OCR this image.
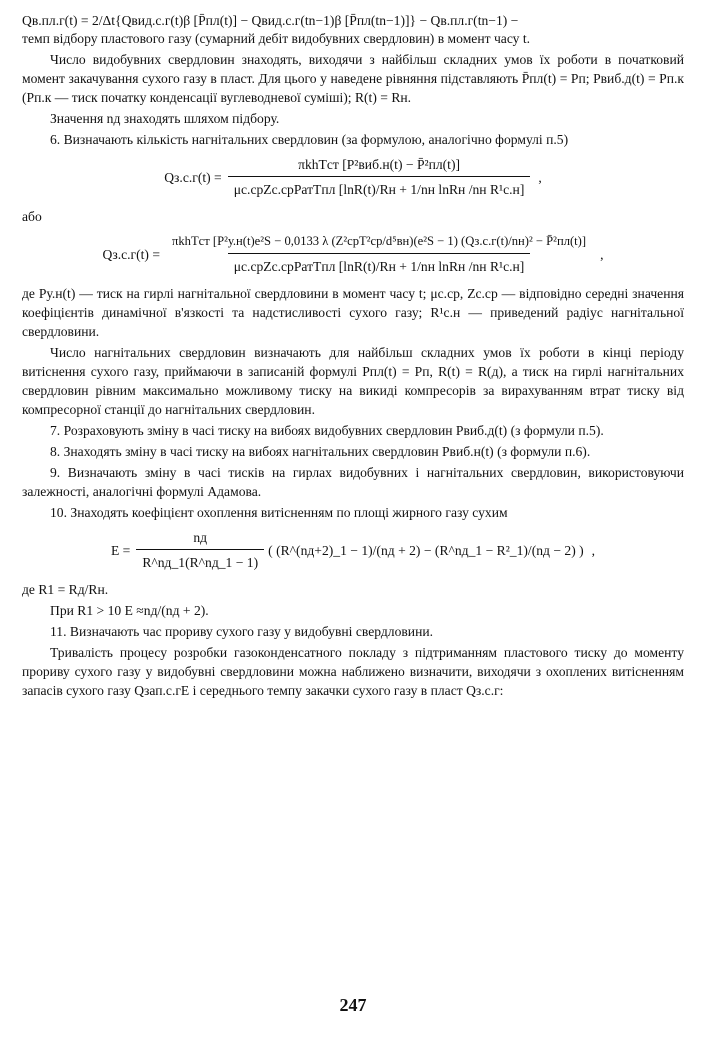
Qв.пл.г(t) = 2/Δt{Qвид.с.г(t)β [P̄пл(t)] − Qвид.с.г(tn−1)β [P̄пл(tn−1)]} − Qв.пл.г(tn−1) −

темп відбору пластового газу (сумарний дебіт видобувних свердловин) в момент часу t.

Число видобувних свердловин знаходять, виходячи з найбільш складних умов їх роботи в початковий момент закачування сухого газу в пласт. Для цього у наведене рівняння підставляють P̄пл(t) = Pп; Pвиб.д(t) = Pп.к (Pп.к — тиск початку конденсації вуглеводневої суміші); R(t) = Rн.

Значення nд знаходять шляхом підбору.

6. Визначають кількість нагнітальних свердловин (за формулою, аналогічно формулі п.5)

$Qз.с.г(t) = \frac{\text{πkhTст [P²виб.н(t) − P̄²пл(t)]}}{\text{μс.срZс.срPатTпл [lnR(t)/Rн + 1/nн lnRн /nн R¹с.н]}}$ ,

або

Qз.с.г(t) =
πkhTст [P²у.н(t)e²S − 0,0133 λ (Z²срT²ср/d⁵вн)(e²S − 1) (Qз.с.г(t)/nн)² − P̄²пл(t)]
μс.срZс.срPатTпл [lnR(t)/Rн + 1/nн lnRн /nн R¹с.н]
,

де Pу.н(t) — тиск на гирлі нагнітальної свердловини в момент часу t; μс.ср, Zс.ср — відповідно середні значення коефіцієнтів динамічної в'язкості та надстисливості сухого газу; R¹с.н — приведений радіус нагнітальної свердловини.

Число нагнітальних свердловин визначають для найбільш складних умов їх роботи в кінці періоду витіснення сухого газу, приймаючи в записаній формулі Pпл(t) = Pп, R(t) = R(д), а тиск на гирлі нагнітальних свердловин рівним максимально можливому тиску на викиді компресорів за вирахуванням втрат тиску від компресорної станції до нагнітальних свердловин.

7. Розраховують зміну в часі тиску на вибоях видобувних свердловин Pвиб.д(t) (з формули п.5).

8. Знаходять зміну в часі тиску на вибоях нагнітальних свердловин Pвиб.н(t) (з формули п.6).

9. Визначають зміну в часі тисків на гирлах видобувних і нагнітальних свердловин, використовуючи залежності, аналогічні формулі Адамова.

10. Знаходять коефіцієнт охоплення витісненням по площі жирного газу сухим

$E = \frac{nд}{R\^{}nд\_1(R\^{}nд\_1 - 1)}$ ( (R^(nд+2)_1 − 1)/(nд + 2) − (R^nд_1 − R²_1)/(nд − 2) ) ,

де R1 = Rд/Rн.

При R1 > 10 E ≈nд/(nд + 2).

11. Визначають час прориву сухого газу у видобувні свердловини.

Тривалість процесу розробки газоконденсатного покладу з підтриманням пластового тиску до моменту прориву сухого газу у видобувні свердловини можна наближено визначити, виходячи з охоплених витісненням запасів сухого газу Qзап.с.гE і середнього темпу закачки сухого газу в пласт Qз.с.г:

247
